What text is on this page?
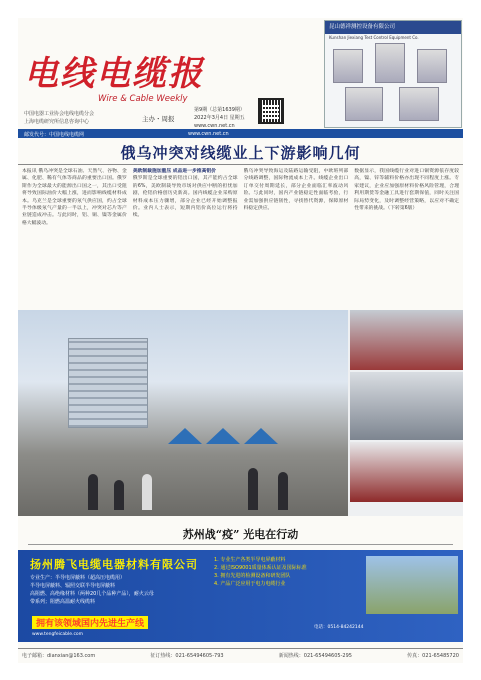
电线电缆报
Wire & Cable Weekly
中国电器工业协会电线电缆分会
上海电缆研究所信息咨询中心	主办・周报
第9期（总第1639期）
2022年3月4日 星期五
www.cwn.net.cn
昆山德祥测控设备有限公司
Kunshan Jiexiang Test Control Equipment Co.
邮发代号：中国电线电缆网	www.cwn.net.cn
俄乌冲突对线缆业上下游影响几何
本报讯 俄乌冲突是全球石油、天然气、谷物、金属、化肥、稀有气体等商品的重要出口国。俄罗斯作为全球最大的能源出口国之一，其出口受阻将导致国际油价大幅上涨，进而影响线缆材料成本。乌克兰是全球重要的氖气供应国，约占全球半导体级氖气产量的一半以上，冲突对芯片等产业链造成冲击。与此同时，铝、铜、镍等金属价格大幅波动。
美欧制裁施加重压 成品进一步推高铝价
俄罗斯是全球重要的铝出口国，其产能约占全球的6%，美欧制裁导致市场对供应中断的担忧加剧，伦铝价格创历史新高。国内线缆企业采购原材料成本压力骤增，部分企业已经开始调整报价。业内人士表示，短期内铝价高位运行将持续。
俄乌冲突导致海运及陆路运输受阻，中欧班列部分线路调整，国际物流成本上升。线缆企业出口订单交付周期延长，部分企业面临汇率波动风险。与此同时，国内产业链稳定性面临考验，行业需加强供应链韧性，寻找替代资源，保障原材料稳定供应。
数据显示，我国线缆行业对进口铜资源依存度较高，镍、锌等辅料价格亦出现不同程度上涨。专家建议，企业应加强原材料价格风险管理，合理利用期货等金融工具进行套期保值，同时关注国际局势变化，及时调整经营策略，以应对不确定性带来的挑战。（下转第6版）
苏州战“疫” 光电在行动
扬州腾飞电缆电器材料有限公司
专业生产：半导电屏蔽料（超高压电缆用）
半导电屏蔽料、辐照交联半导电屏蔽料
高阻燃、高绝缘材料（两种20几个品种产品），耐火云母
带系列；阻燃高温耐火线缆料
拥有该领域国内先进生产线
www.tengfeicable.com
1. 专业生产各类半导电屏蔽材料
2. 通过ISO9001质量体系认证及国际标准
3. 拥有先进的检测设备和研发团队
4. 产品广泛应用于电力电缆行业
电话：0514-84242144
电子邮箱：dianxian@163.com	征订热线：021-65494605-793	新闻热线：021-65494605-295	传真：021-65485720
